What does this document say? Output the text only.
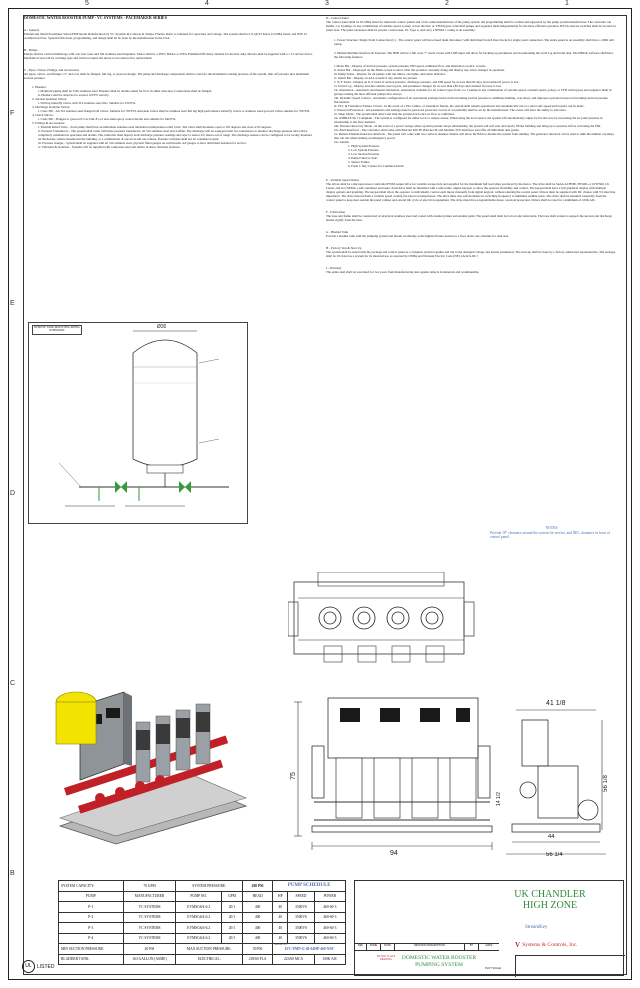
5	4	3	2	1
F
E
D
C
B
DOMESTIC WATER BOOSTER PUMP - VC SYSTEMS - PACEMAKER SERIES
A - General
Furnish and install Pacemaker Series/PMP model manufactured by VC Systems & Controls in Tampa, Florida. Refer to schedule for capacities and voltage. The system shall be UL QCZJ listed, UL508A listed, and NSF-61 certified lead free. System fabrication, programming, and design shall all be done by the manufacturer in the USA.
B - Pumps
Pumps shall be vertical multistage with cast iron cases and 304 stainless steel impellers. Motor shall be a TEFC Baldor or WEG Premium Efficiency suitable for inverter duty. Motors shall be supplied with a 1.15 service factor. Mechanical seal will be cartridge type and will not require the motor to be removed for replacement.
C - Pipes, Valves, Fittings, and Accessories
All pipes, valves, and fittings 1.5" and over shall be flanged, full lug, or grooved design. The pump and discharge components shall be rated for the maximum working pressure of the system, shut off pressure plus maximum suction pressure.
1. Headers:
i. Manifold piping shall be 316L stainless steel. Headers shall be double ended for flow in either direction. Connections shall be flanged.
ii. Headers shall be sized not to exceed 10 FPS velocity.
2. Suction Isolation Valves:
i. Full lug butterfly valves with 316 stainless steel disc. Suitable for 250 PSI.
3. Discharge Isolation Valves:
i. Class 300 - All 316 stainless steel flanged ball valves. Suitable for 700 PSI. Alternate valves shall be stainless steel full lug high performance butterfly valves or stainless steel grooved valves suitable for 700 PSI.
4. Check Valves:
i. Class 300 - Flanged or grooved CLA-VAL 81-12 non-slam epoxy coated ductile iron suitable for 640 PSI.
5. Fittings & Accessories:
i. Thermal Relief Valve - Each pump shall have an individual stainless steel mechanical temperature relief valve. The valve shall modulate open at 105 degrees and close at 95 degrees.
ii. Pressure Transducers - The system shall come with three pressure transducers, all 316 stainless steel and 4-20ma. The discharge will be equipped with two transducers to monitor discharge pressure and will be completely redundant in operation and alarms. The controller shall display both discharge pressure readings and reject a sensor if it skews out of range. The discharge sensors can be configured to be locally mounted on the header, remote mounted in the building, or a combination of one local and one remote. Pressure switches shall not be considered equal.
iii. Pressure Gauges - System shall be supplied with all 316 stainless steel, glycerin filled gauges on each header. All gauges to have individual isolation for service.
iv. Vibration & Isolation - Systems will be supplied with composite steel and rubber in shear vibration isolators.
REMOTE TANK MOUNTING PIPING SCHEMATIC
Ø30
D - Control Panel
The control panel shall be UL508A listed for industrial control panels and of the same manufacturer of the pump system. All programming shall be written and supported by the pump system manufacturer. The controller can handle 1 to 9 pumps, in any combination of variable speed, jockey, across the line, or VFD/bypass controlled pumps and sequence them independently for the most efficient operation. H/O/A selector switches shall be located on panel door. The panel enclosure shall be powder coated steel, UL Type 4, and carry a NEMA 1 rating as an assembly.
1. Power Structure: Single Point Connection (C) - The control panel will have fused main disconnect with individual branch fuse blocks for single point connection. The entire panel as an assembly shall have a 100K AIC rating.
2. Human Machine Interface & Features: The HMI will be a full color 7" touch screen with USB input and allow for backing up parameters and downloading the event log and trend data. The HMI & software shall have the following features:
i. Meter Bar - Display of suction pressure, system pressure, PID speed, estimated flow, and alternation on ALL screens.
ii. Status Bar - Displayed on the Home screen to show what the system is currently doing and display any active changes in operation.
iii. Pump Status - Display for all pumps with run timers, run lights, and status indicator.
iv. Alarm Bar - Display on ALL screens if any alarms are present.
v. X-Y Trend - Display an X-Y trend of suction pressure, discharge pressure, and PID speed for no less than 60 days and retained if power is lost.
vi. Event Log - Display and date alarms, user log ins, and parameter changes for no less than 180 days and retained if power is lost.
vii. Alternation - Automatic and manual alternation. Alternation available for all control types from 1 to 3 pumps in any combination of variable speed, constant speed, jockey, or VFD with bypass and sequence them in groups running the most efficient pumps first always.
viii. Dynamic Speed Control - Automatic configuration of all operational settings based on the incoming suction pressure to eliminate hunting, over shoot, and improper operation based on incoming suction pressure fluctuations.
ix. PLC & Transducer Failure Circuit - In the event of a PLC failure, or transducer failure, the system shall remain operational and automatically run at a select safe speed until repairs can be made.
x. Password Protection - All parameters and settings must be password protected. Levels of accessibility shall be set by the manufacturer. The owner will have the ability to add users.
xi. Sleep Mode - The system shall detect and shut the system down once no flow is confirmed.
xii. ASHRAE 90.1 Compliant - The system is configured for either local or remote sensor. When using the local sensor, the system will automatically adjust for friction loss by increasing the set point pressure in relationship to the flow demand.
xiii. Pressure Recovery Mode - In the event of a power outage where system pressure drops substantially, the system will soft start and slowly fill the building and bring up to pressure before activating the PID.
xiv. BAS Interfaces - The controller shall come with BACnet MS/TP, BACnet IP, and Modbus TCP interfaces and offer 20 individual data points.
xv. Remote Disable/Generator Interlock - The panel will come with two contacts. Remote disable will allow the BAS to disable the system from running. The generator interlock can be used to limit the number of pumps that can run when running on emergency power.
xvi. Alarms
1. High System Pressure
2. Low System Pressure
3. Low Suction Pressure
4. Pump Failed to Start
5. Sensor Failure
6. Form C Dry Contact for Common Alarm
E - Variable Speed Drives
The drives shall be a microprocessor controlled PWM output drive for variable torque duty and supplied for the maximum full load amps produced by the motor. The drive shall be Series ACH580, HV600, or CFW500, UL Listed, and in a NEMA 1 self-contained enclosure. Each drive shall be furnished with a removable, digital keypad, to allow the operator flexibility and control. The keypad shall have a full graphical display with multiple display options and graphing. The keypad shall allow the operator to individually control each motor manually from digital keypad, without entering the control panel. Drives must be supplied with DC chokes with 5% max line impedance. The drive must include a variable speed cooling fan based on temperature. The drive must also self-modulate its switching frequency to minimize audible noise. The drive shall be mounted externally from the control panel to keep heat outside the panel cabinet and extend life cycle of electrical equipment. The drive must have programmable motor overload protection. Drives shall be rated for a minimum of 100K AIC.
F - Fabrication
The base and frame shall be constructed of structural stainless steel and coated with enamel primer and enamel paint. The panel stand shall be bolt on and removable. The base shall extend to support the suction and discharge header rigidly from the base.
G - Bladder Tank
Provide a bladder tank with the pumping system and mount it remotely at the highest fixture nearest to a floor drain. See schedule for tank size.
H - Factory Test & Start Up
The system shall be tested with the package and control panel as a complete system together and run to the designed voltage and jobsite parameters. The start-up shall be done by a factory authorized representative. The package shall be UL listed as a system for its intended use as required by OSHA and National Electric Code (NEC) Article 90-7.
I - Warranty
The entire skid shall be warranted for two years from manufacturing date against defects in materials and workmanship.
NOTES:
Provide 18" clearance around the system for service, and NEC clearance in front of control panel.
75
94
41 1/8
14 1/2
56 1/8
44
56 1/4
SYSTEM CAPACITY:	70 GPM	SYSTEM PRESSURE:		200 PSI	PUMP SCHEDULE		
PUMP	MANUFACTURER	PUMP NO.	GPM	HEAD	HP	SPEED	POWER
P-1	VC SYSTEMS	EVMSG6/4-6.2	20/1	400	40	3500VS	460-60-3
P-2	VC SYSTEMS	EVMSG6/4-6.2	20/1	400	40	3500VS	460-60-3
P-3	VC SYSTEMS	EVMSG6/4-6.2	20/1	400	40	3500VS	460-60-3
P-4	VC SYSTEMS	EVMSG6/4-6.2	20/1	400	40	3500VS	460-60-3
MIN SUCTION PRESSURE:	40 PSI	MAX SUCTION PRESSURE:		50 PSI	MODEL NO.
4VC-PMP-G-40-64HP-460-NSF		
BLADDER TANK:	163 GALLON (ASME)	ELECTRICAL:		218/60 FLA	223/60 MCA		100K AIC
UL	LISTED
UK CHANDLER
HIGH ZONE
StreamKey
V Systems & Controls, Inc.
REV	ZONE	DATE	REVISION DESCRIPTION	BY	DATE
DO NOT SCALE DRAWING	DOMESTIC WATER BOOSTER PUMPING SYSTEM
PLOT SCALE
